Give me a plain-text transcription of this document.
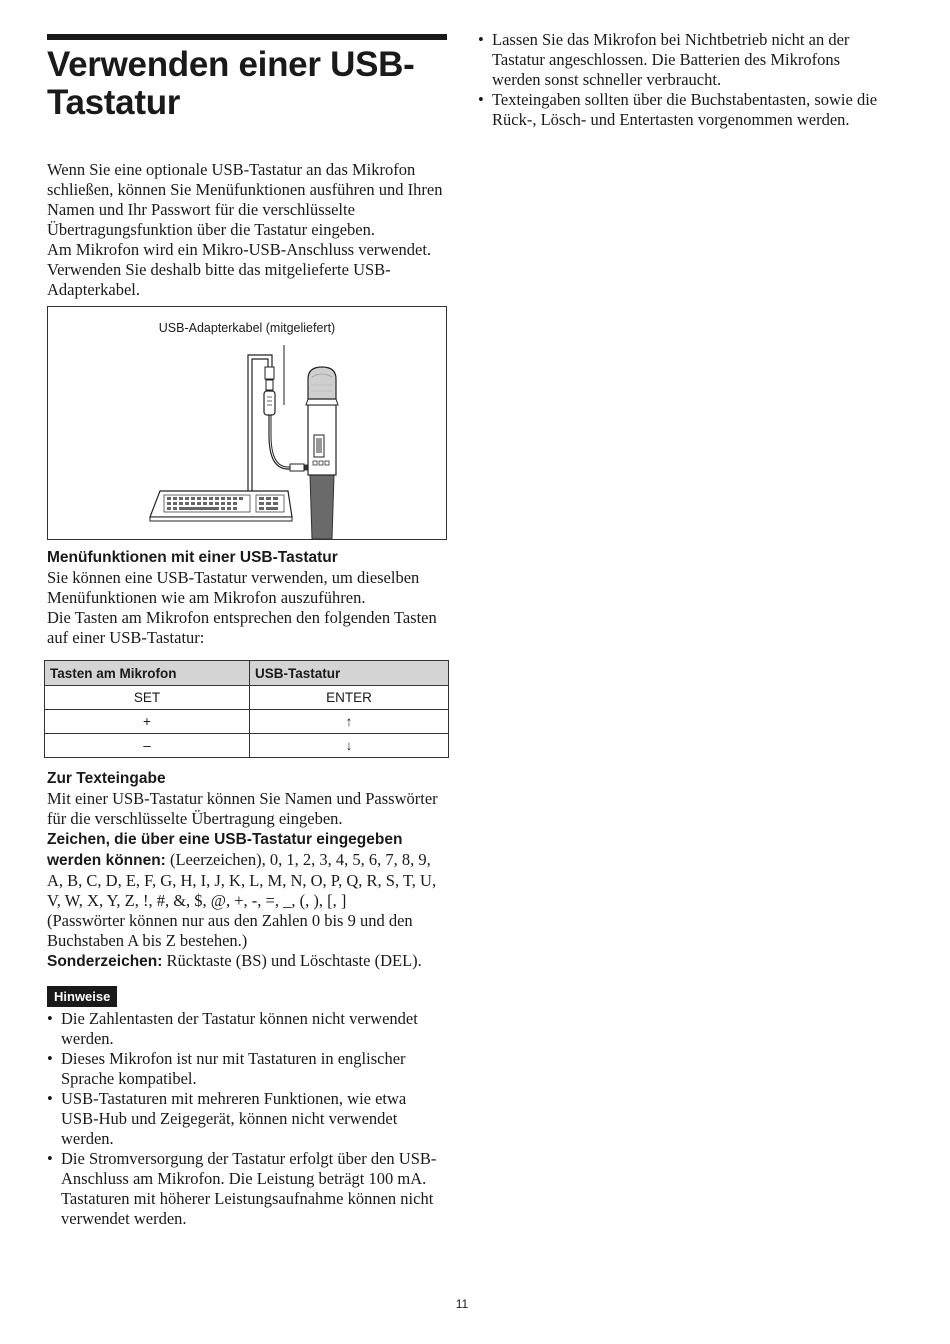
Verwenden einer USB-Tastatur

Wenn Sie eine optionale USB-Tastatur an das Mikrofon schließen, können Sie Menüfunktionen ausführen und Ihren Namen und Ihr Passwort für die verschlüsselte Übertragungsfunktion über die Tastatur eingeben.

Am Mikrofon wird ein Mikro-USB-Anschluss verwendet. Verwenden Sie deshalb bitte das mitgelieferte USB-Adapterkabel.

USB-Adapterkabel (mitgeliefert)
Menüfunktionen mit einer USB-Tastatur

Sie können eine USB-Tastatur verwenden, um dieselben Menüfunktionen wie am Mikrofon auszuführen.

Die Tasten am Mikrofon entsprechen den folgenden Tasten auf einer USB-Tastatur:

Tasten am Mikrofon	USB-Tastatur
SET	ENTER
+	↑
–	↓
Zur Texteingabe

Mit einer USB-Tastatur können Sie Namen und Passwörter für die verschlüsselte Übertragung eingeben.

Zeichen, die über eine USB-Tastatur eingegeben werden können: (Leerzeichen), 0, 1, 2, 3, 4, 5, 6, 7, 8, 9, A, B, C, D, E, F, G, H, I, J, K, L, M, N, O, P, Q, R, S, T, U, V, W, X, Y, Z, !, #, &, $, @, +, -, =, _, (, ), [, ]

(Passwörter können nur aus den Zahlen 0 bis 9 und den Buchstaben A bis Z bestehen.)

Sonderzeichen: Rücktaste (BS) und Löschtaste (DEL).

Hinweise
• Die Zahlentasten der Tastatur können nicht verwendet werden.
• Dieses Mikrofon ist nur mit Tastaturen in englischer Sprache kompatibel.
• USB-Tastaturen mit mehreren Funktionen, wie etwa USB-Hub und Zeigegerät, können nicht verwendet werden.
• Die Stromversorgung der Tastatur erfolgt über den USB-Anschluss am Mikrofon. Die Leistung beträgt 100 mA. Tastaturen mit höherer Leistungsaufnahme können nicht verwendet werden.
• Lassen Sie das Mikrofon bei Nichtbetrieb nicht an der Tastatur angeschlossen. Die Batterien des Mikrofons werden sonst schneller verbraucht.
• Texteingaben sollten über die Buchstabentasten, sowie die Rück-, Lösch- und Entertasten vorgenommen werden.
11
